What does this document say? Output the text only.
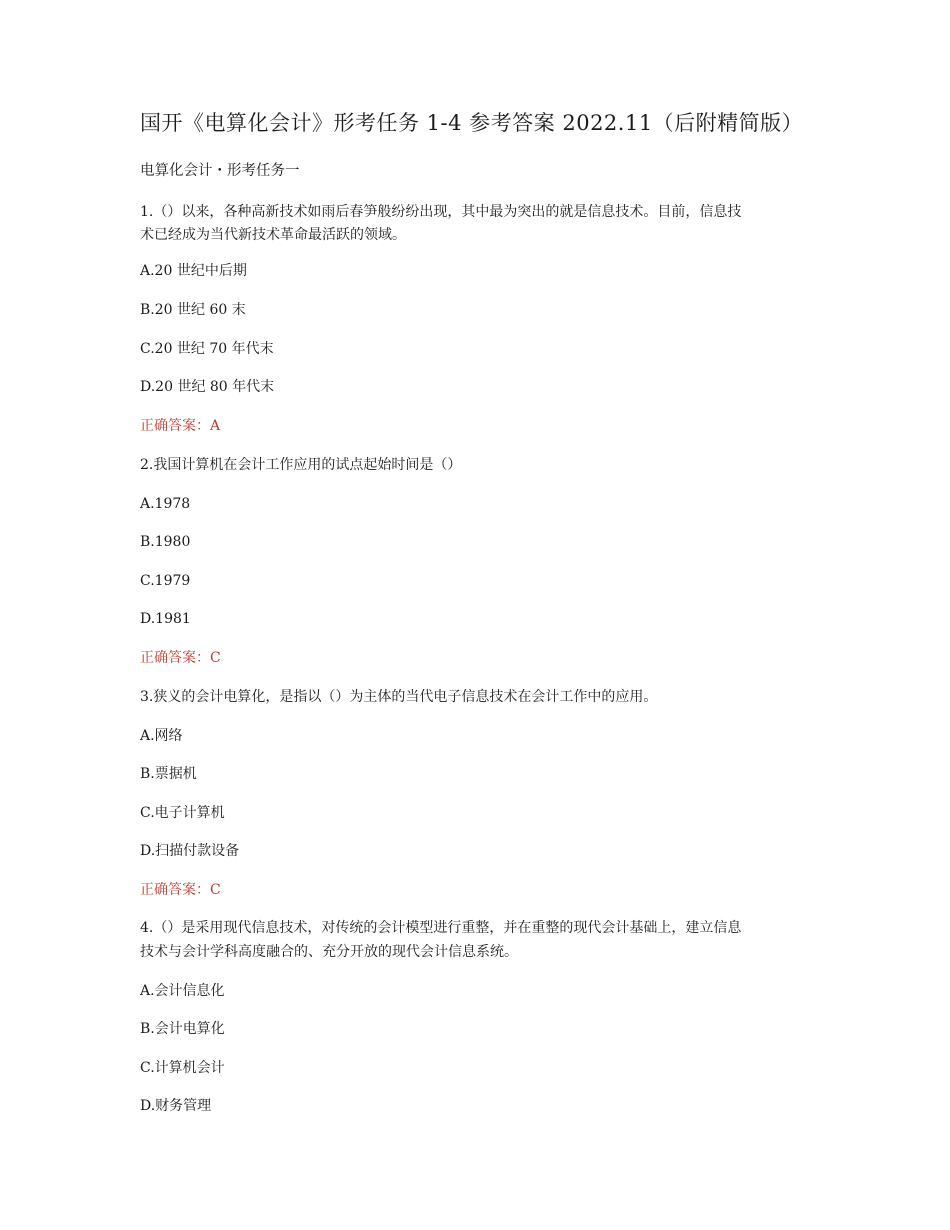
国开《电算化会计》形考任务 1-4 参考答案 2022.11（后附精简版）
电算化会计・形考任务一
1.（）以来，各种高新技术如雨后春笋般纷纷出现，其中最为突出的就是信息技术。目前，信息技
术已经成为当代新技术革命最活跃的领域。
A.20 世纪中后期
B.20 世纪 60 末
C.20 世纪 70 年代末
D.20 世纪 80 年代末
正确答案：A
2.我国计算机在会计工作应用的试点起始时间是（）
A.1978
B.1980
C.1979
D.1981
正确答案：C
3.狭义的会计电算化，是指以（）为主体的当代电子信息技术在会计工作中的应用。
A.网络
B.票据机
C.电子计算机
D.扫描付款设备
正确答案：C
4.（）是采用现代信息技术，对传统的会计模型进行重整，并在重整的现代会计基础上，建立信息
技术与会计学科高度融合的、充分开放的现代会计信息系统。
A.会计信息化
B.会计电算化
C.计算机会计
D.财务管理
